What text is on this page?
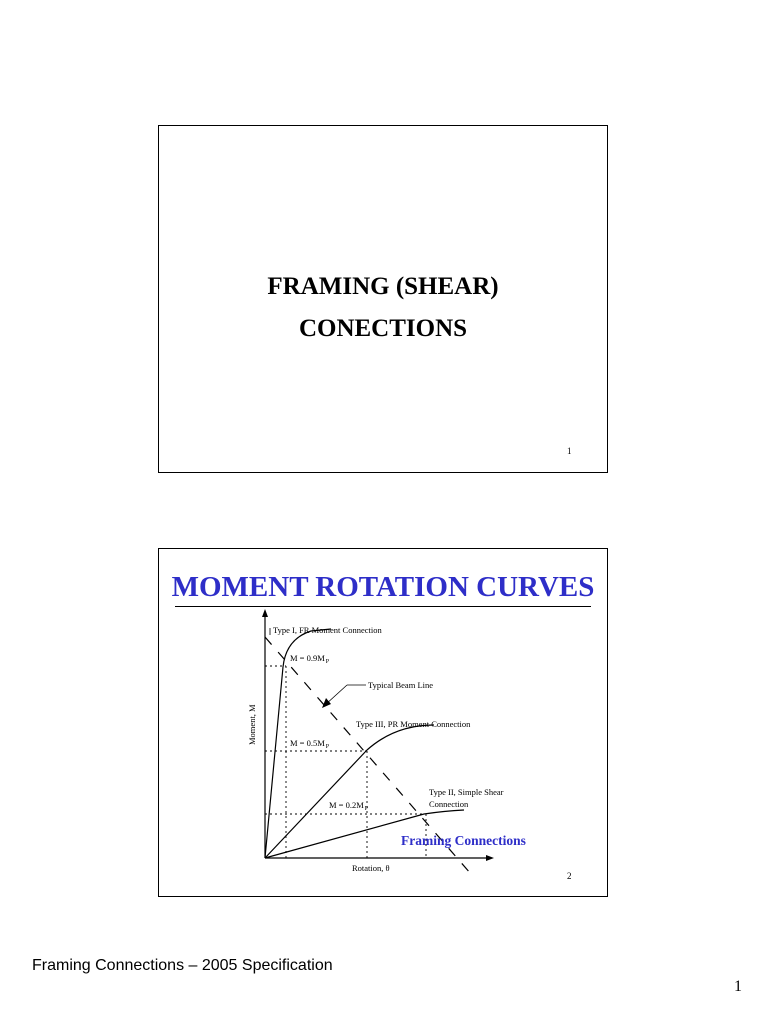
FRAMING (SHEAR)
CONECTIONS
1
MOMENT ROTATION CURVES
Type I, FR Moment Connection
Typical Beam Line
Type III, PR Moment Connection
Type II, Simple Shear
Connection
$M = 0.9M_P$
$M = 0.5M_P$
$M = 0.2M_P$
Moment, M
Rotation, θ
Framing Connections
2
Framing Connections – 2005 Specification
1
